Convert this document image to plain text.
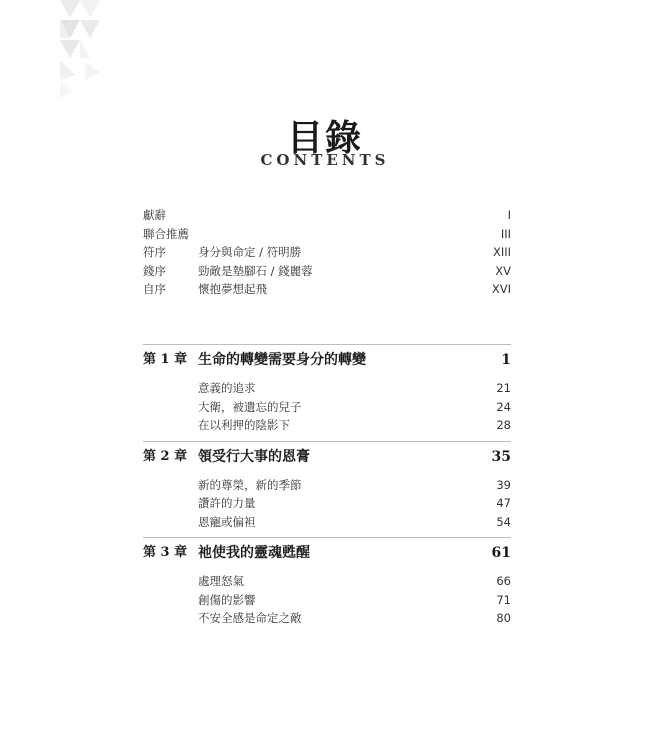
目錄
CONTENTS
獻辭	I
聯合推薦	III
符序	身分與命定 / 符明勝	XIII
錢序	勁敵是墊腳石 / 錢麗蓉	XV
自序	懷抱夢想起飛	XVI
第 1 章 生命的轉變需要身分的轉變	1
意義的追求	21
大衛，被遺忘的兒子	24
在以利押的陰影下	28
第 2 章 領受行大事的恩膏	35
新的尊榮，新的季節	39
讚許的力量	47
恩寵或偏袒	54
第 3 章 祂使我的靈魂甦醒	61
處理怒氣	66
創傷的影響	71
不安全感是命定之敵	80
